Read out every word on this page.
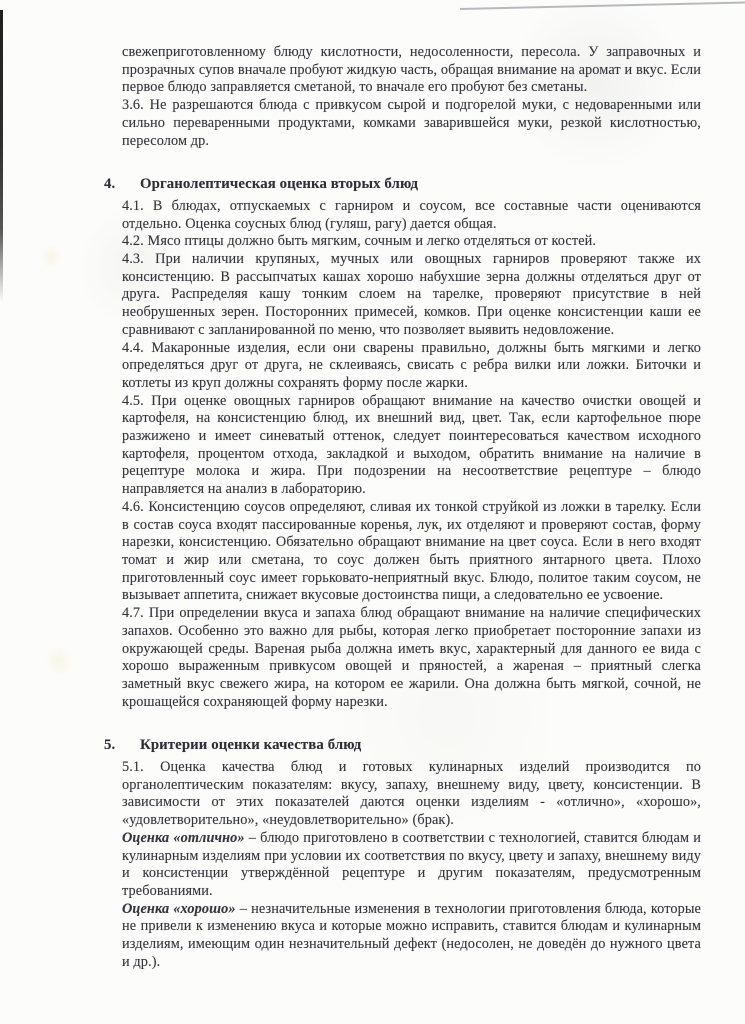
свежеприготовленному блюду кислотности, недосоленности, пересола. У заправочных и прозрачных супов вначале пробуют жидкую часть, обращая внимание на аромат и вкус. Если первое блюдо заправляется сметаной, то вначале его пробуют без сметаны.

3.6. Не разрешаются блюда с привкусом сырой и подгорелой муки, с недоваренными или сильно переваренными продуктами, комками заварившейся муки, резкой кислотностью, пересолом др.

4.	Органолептическая оценка вторых блюд

4.1. В блюдах, отпускаемых с гарниром и соусом, все составные части оцениваются отдельно. Оценка соусных блюд (гуляш, рагу) дается общая.

4.2. Мясо птицы должно быть мягким, сочным и легко отделяться от костей.

4.3. При наличии крупяных, мучных или овощных гарниров проверяют также их консистенцию. В рассыпчатых кашах хорошо набухшие зерна должны отделяться друг от друга. Распределяя кашу тонким слоем на тарелке, проверяют присутствие в ней необрушенных зерен. Посторонних примесей, комков. При оценке консистенции каши ее сравнивают с запланированной по меню, что позволяет выявить недовложение.

4.4. Макаронные изделия, если они сварены правильно, должны быть мягкими и легко определяться друг от друга, не склеиваясь, свисать с ребра вилки или ложки. Биточки и котлеты из круп должны сохранять форму после жарки.

4.5. При оценке овощных гарниров обращают внимание на качество очистки овощей и картофеля, на консистенцию блюд, их внешний вид, цвет. Так, если картофельное пюре разжижено и имеет синеватый оттенок, следует поинтересоваться качеством исходного картофеля, процентом отхода, закладкой и выходом, обратить внимание на наличие в рецептуре молока и жира. При подозрении на несоответствие рецептуре – блюдо направляется на анализ в лабораторию.

4.6. Консистенцию соусов определяют, сливая их тонкой струйкой из ложки в тарелку. Если в состав соуса входят пассированные коренья, лук, их отделяют и проверяют состав, форму нарезки, консистенцию. Обязательно обращают внимание на цвет соуса. Если в него входят томат и жир или сметана, то соус должен быть приятного янтарного цвета. Плохо приготовленный соус имеет горьковато-неприятный вкус. Блюдо, политое таким соусом, не вызывает аппетита, снижает вкусовые достоинства пищи, а следовательно ее усвоение.

4.7. При определении вкуса и запаха блюд обращают внимание на наличие специфических запахов. Особенно это важно для рыбы, которая легко приобретает посторонние запахи из окружающей среды. Вареная рыба должна иметь вкус, характерный для данного ее вида с хорошо выраженным привкусом овощей и пряностей, а жареная – приятный слегка заметный вкус свежего жира, на котором ее жарили. Она должна быть мягкой, сочной, не крошащейся сохраняющей форму нарезки.

5.	Критерии оценки качества блюд

5.1. Оценка качества блюд и готовых кулинарных изделий производится по органолептическим показателям: вкусу, запаху, внешнему виду, цвету, консистенции. В зависимости от этих показателей даются оценки изделиям - «отлично», «хорошо», «удовлетворительно», «неудовлетворительно» (брак).

Оценка «отлично» – блюдо приготовлено в соответствии с технологией, ставится блюдам и кулинарным изделиям при условии их соответствия по вкусу, цвету и запаху, внешнему виду и консистенции утверждённой рецептуре и другим показателям, предусмотренным требованиями.

Оценка «хорошо» – незначительные изменения в технологии приготовления блюда, которые не привели к изменению вкуса и которые можно исправить, ставится блюдам и кулинарным изделиям, имеющим один незначительный дефект (недосолен, не доведён до нужного цвета и др.).
